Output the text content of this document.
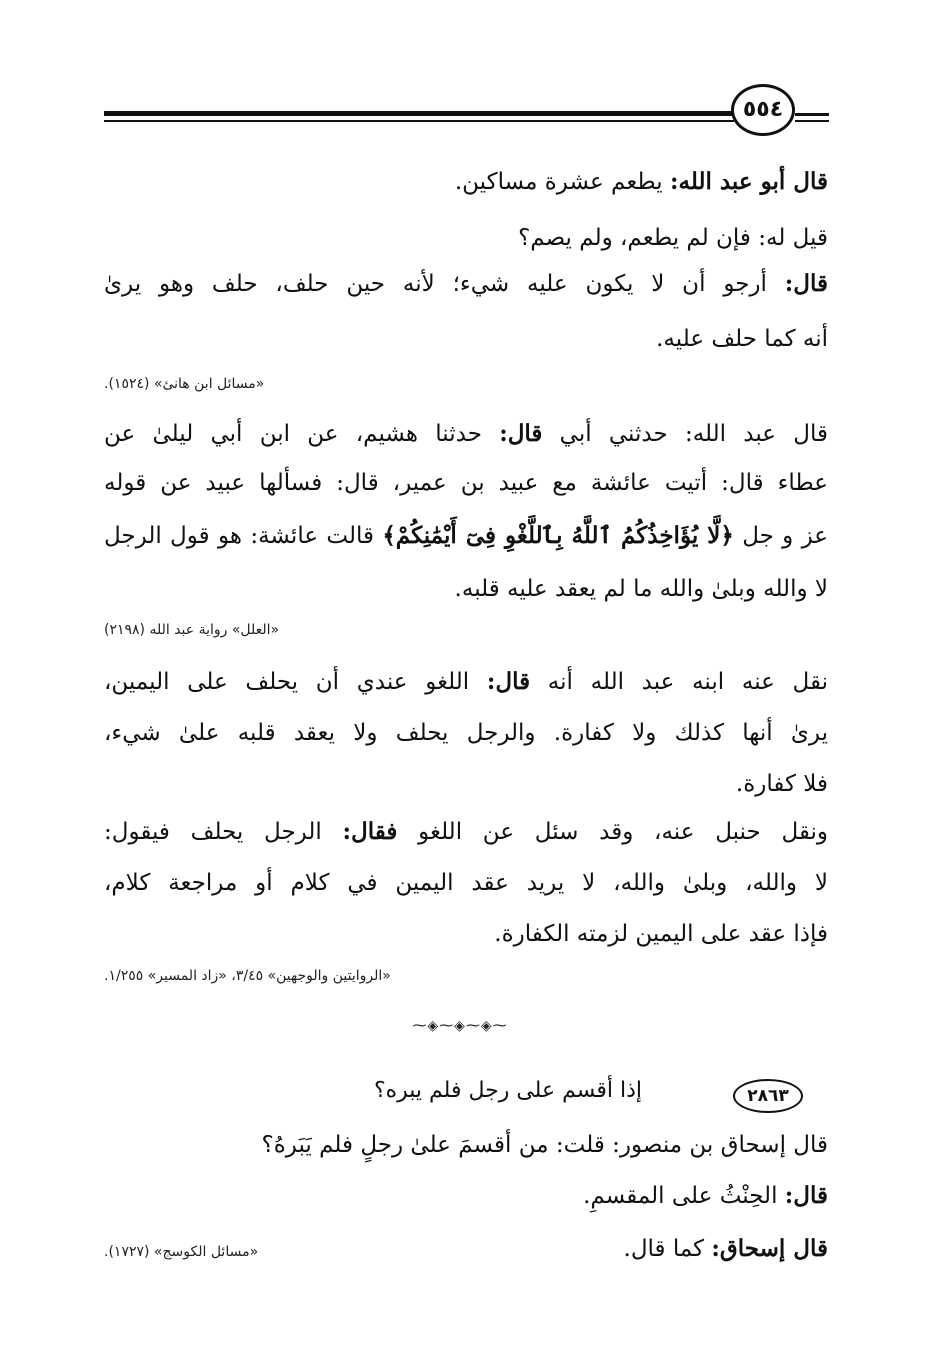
٥٥٤
قال أبو عبد الله: يطعم عشرة مساكين.
قيل له: فإن لم يطعم، ولم يصم؟
قال: أرجو أن لا يكون عليه شيء؛ لأنه حين حلف، حلف وهو يرىٰ
أنه كما حلف عليه.
«مسائل ابن هانئ» (١٥٢٤).
قال عبد الله: حدثني أبي قال: حدثنا هشيم، عن ابن أبي ليلىٰ عن
عطاء قال: أتيت عائشة مع عبيد بن عمير، قال: فسألها عبيد عن قوله
عز و جل ﴿لَّا يُؤَاخِذُكُمُ ٱللَّهُ بِٱللَّغْوِ فِىٓ أَيْمَٰنِكُمْ﴾ قالت عائشة: هو قول الرجل
لا والله وبلىٰ والله ما لم يعقد عليه قلبه.
«العلل» رواية عبد الله (٢١٩٨)
نقل عنه ابنه عبد الله أنه قال: اللغو عندي أن يحلف على اليمين،
يرىٰ أنها كذلك ولا كفارة. والرجل يحلف ولا يعقد قلبه علىٰ شيء،
فلا كفارة.
ونقل حنبل عنه، وقد سئل عن اللغو فقال: الرجل يحلف فيقول:
لا والله، وبلىٰ والله، لا يريد عقد اليمين في كلام أو مراجعة كلام،
فإذا عقد على اليمين لزمته الكفارة.
«الروايتين والوجهين» ٣/٤٥، «زاد المسير» ١/٢٥٥.
⁓◈⁓◈⁓◈⁓
٢٨٦٣
إذا أقسم على رجل فلم يبره؟
قال إسحاق بن منصور: قلت: من أقسمَ علىٰ رجلٍ فلم يَبَرهُ؟
قال: الحِنْثُ على المقسمِ.
قال إسحاق: كما قال.
«مسائل الكوسج» (١٧٢٧).
